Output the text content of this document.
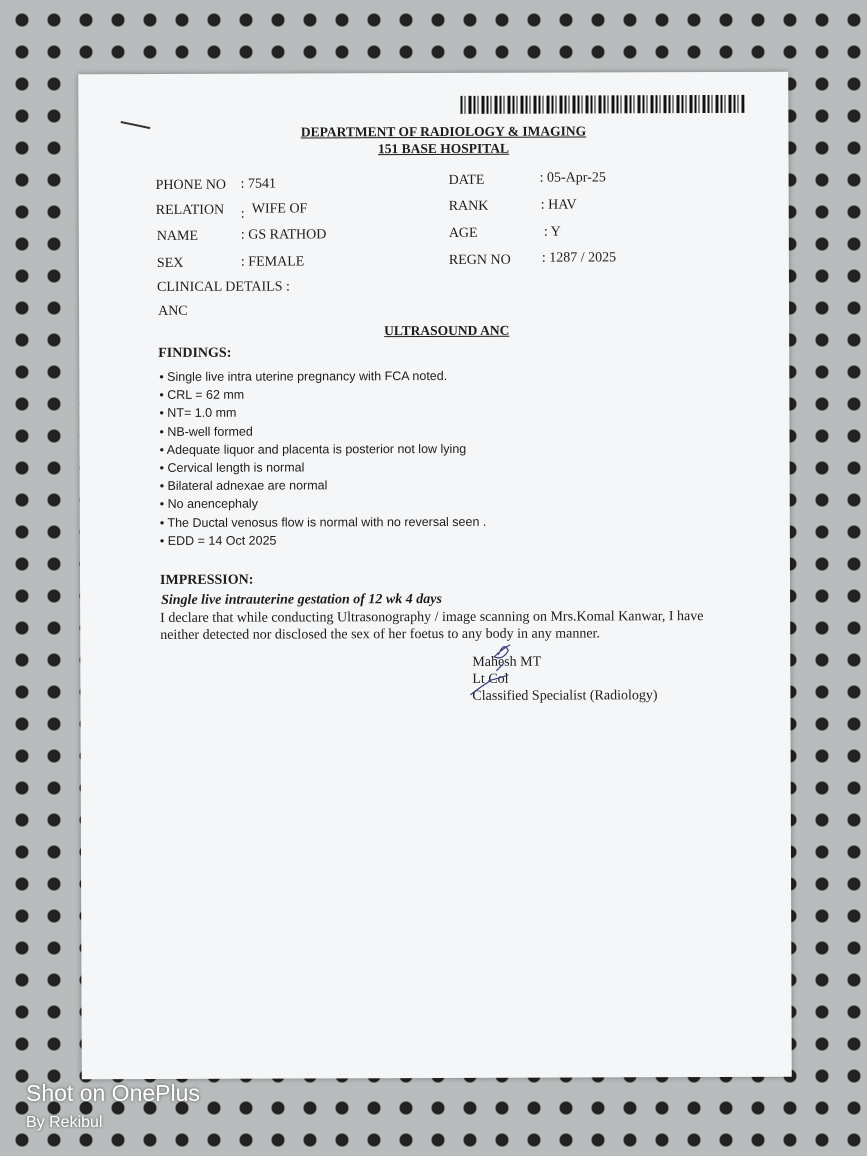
DEPARTMENT OF RADIOLOGY & IMAGING
151 BASE HOSPITAL
PHONE NO : 7541
RELATION : WIFE OF
NAME	: GS RATHOD
SEX	: FEMALE
DATE	: 05-Apr-25
RANK	: HAV
AGE	: Y
REGN NO : 1287 / 2025
CLINICAL DETAILS :
ANC
ULTRASOUND ANC
FINDINGS:
• Single live intra uterine pregnancy with FCA noted.
• CRL = 62 mm
• NT= 1.0 mm
• NB-well formed
• Adequate liquor and placenta is posterior not low lying
• Cervical length is normal
• Bilateral adnexae are normal
• No anencephaly
• The Ductal venosus flow is normal with no reversal seen .
• EDD = 14 Oct 2025
IMPRESSION:
Single live intrauterine gestation of 12 wk 4 days
I declare that while conducting Ultrasonography / image scanning on Mrs.Komal Kanwar, I have
neither detected nor disclosed the sex of her foetus to any body in any manner.
Mahesh MT
Lt Col
Classified Specialist (Radiology)
Shot on OnePlus
By Rekibul
